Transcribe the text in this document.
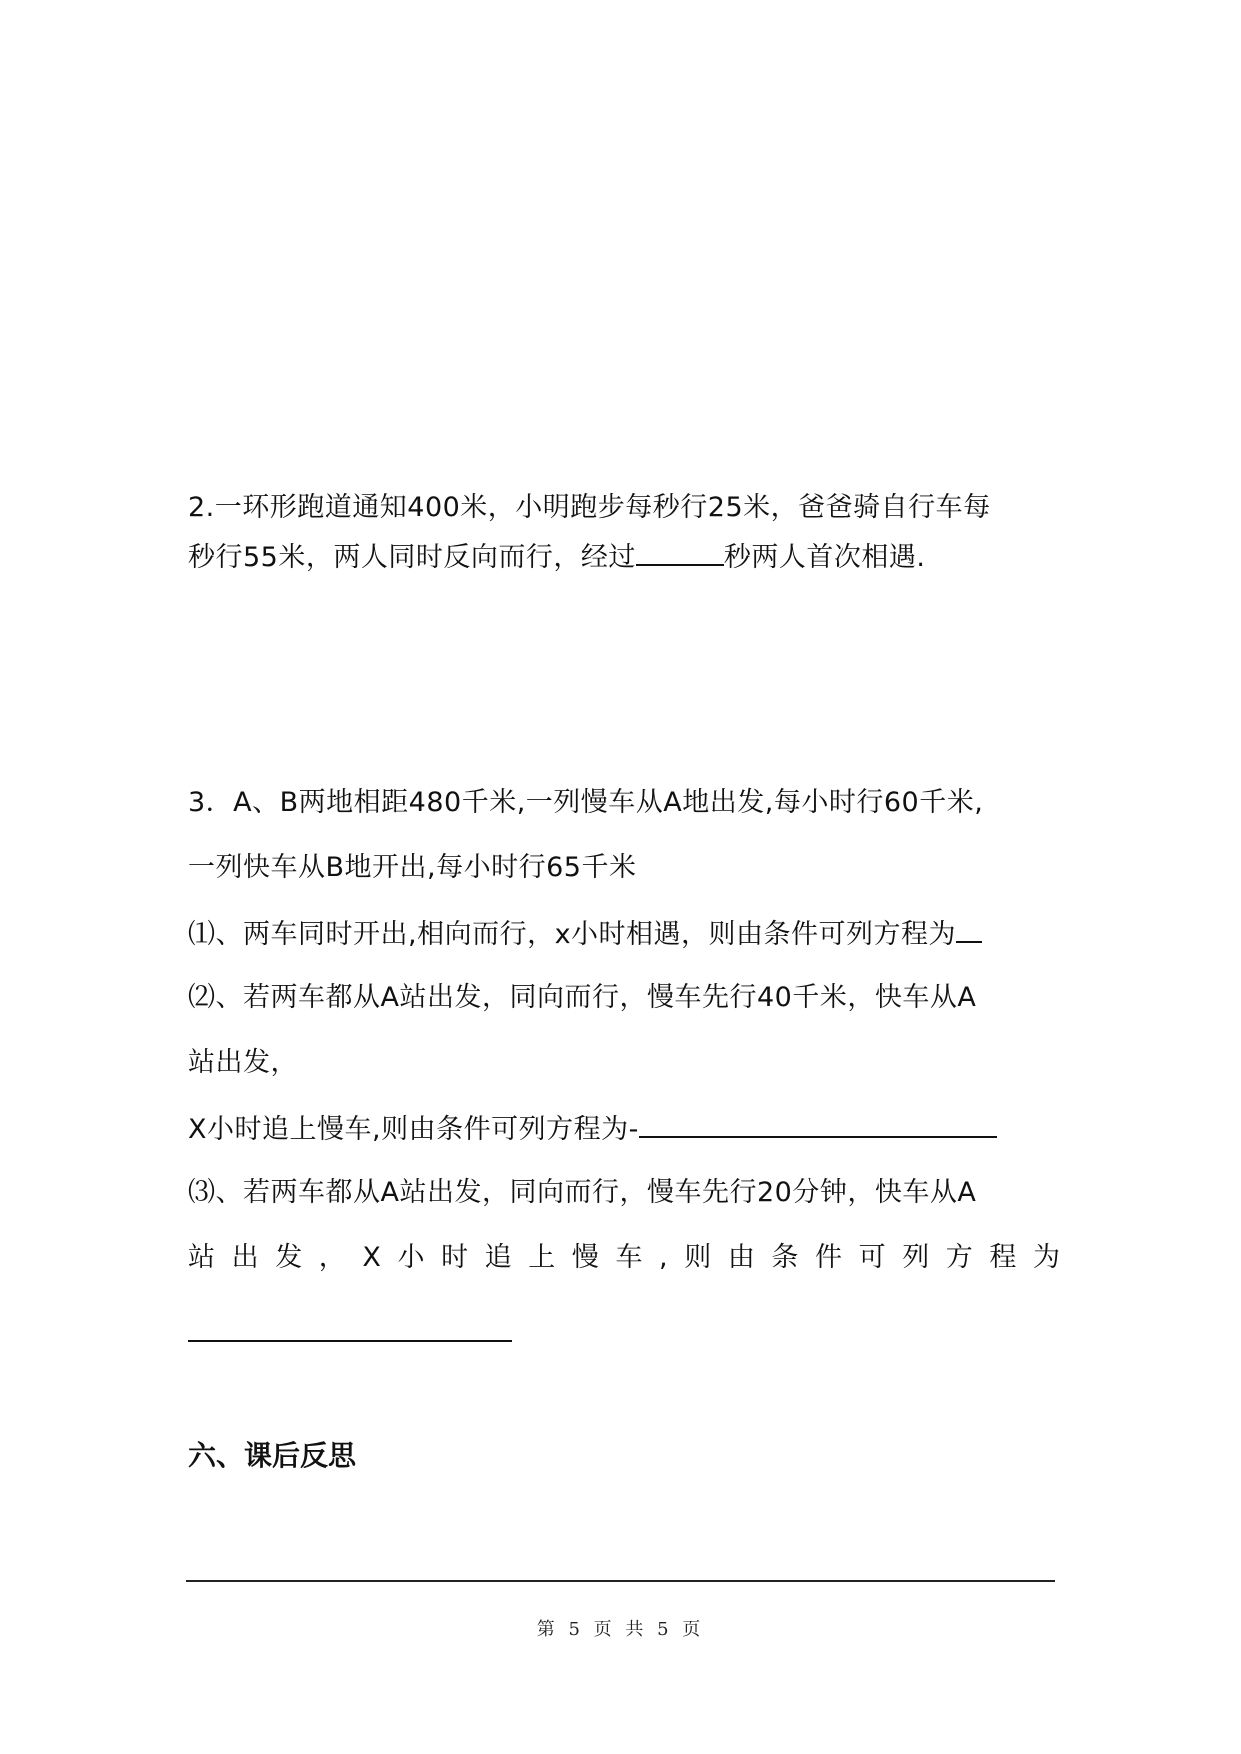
2.一环形跑道通知400米，小明跑步每秒行25米，爸爸骑自行车每
秒行55米，两人同时反向而行，经过	秒两人首次相遇.
3．A、B两地相距480千米,一列慢车从A地出发,每小时行60千米,
一列快车从B地开出,每小时行65千米
⑴、两车同时开出,相向而行，x小时相遇，则由条件可列方程为
⑵、若两车都从A站出发，同向而行，慢车先行40千米，快车从A
站出发，
X小时追上慢车,则由条件可列方程为-
⑶、若两车都从A站出发，同向而行，慢车先行20分钟，快车从A
站 出 发 ， X 小 时 追 上 慢 车 , 则 由 条 件 可 列 方 程 为
六、课后反思
第 5 页 共 5 页
